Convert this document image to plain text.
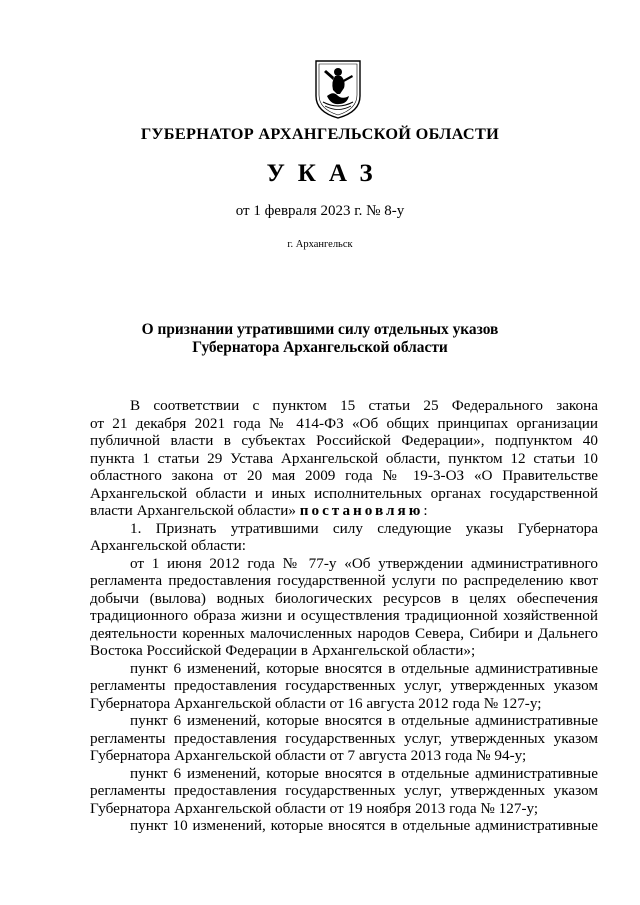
ГУБЕРНАТОР АРХАНГЕЛЬСКОЙ ОБЛАСТИ
УКАЗ
от 1 февраля 2023 г. № 8-у
г. Архангельск
О признании утратившими силу отдельных указов
Губернатора Архангельской области

В соответствии с пунктом 15 статьи 25 Федерального закона

от 21 декабря 2021 года № 414-ФЗ «Об общих принципах организации

публичной власти в субъектах Российской Федерации», подпунктом 40

пункта 1 статьи 29 Устава Архангельской области, пунктом 12 статьи 10

областного закона от 20 мая 2009 года № 19-3-ОЗ «О Правительстве

Архангельской области и иных исполнительных органах государственной

власти Архангельской области» постановляю:

1. Признать утратившими силу следующие указы Губернатора

Архангельской области:

от 1 июня 2012 года № 77-у «Об утверждении административного

регламента предоставления государственной услуги по распределению квот

добычи (вылова) водных биологических ресурсов в целях обеспечения

традиционного образа жизни и осуществления традиционной хозяйственной

деятельности коренных малочисленных народов Севера, Сибири и Дальнего

Востока Российской Федерации в Архангельской области»;

пункт 6 изменений, которые вносятся в отдельные административные

регламенты предоставления государственных услуг, утвержденных указом

Губернатора Архангельской области от 16 августа 2012 года № 127-у;

пункт 6 изменений, которые вносятся в отдельные административные

регламенты предоставления государственных услуг, утвержденных указом

Губернатора Архангельской области от 7 августа 2013 года № 94-у;

пункт 6 изменений, которые вносятся в отдельные административные

регламенты предоставления государственных услуг, утвержденных указом

Губернатора Архангельской области от 19 ноября 2013 года № 127-у;

пункт 10 изменений, которые вносятся в отдельные административные
